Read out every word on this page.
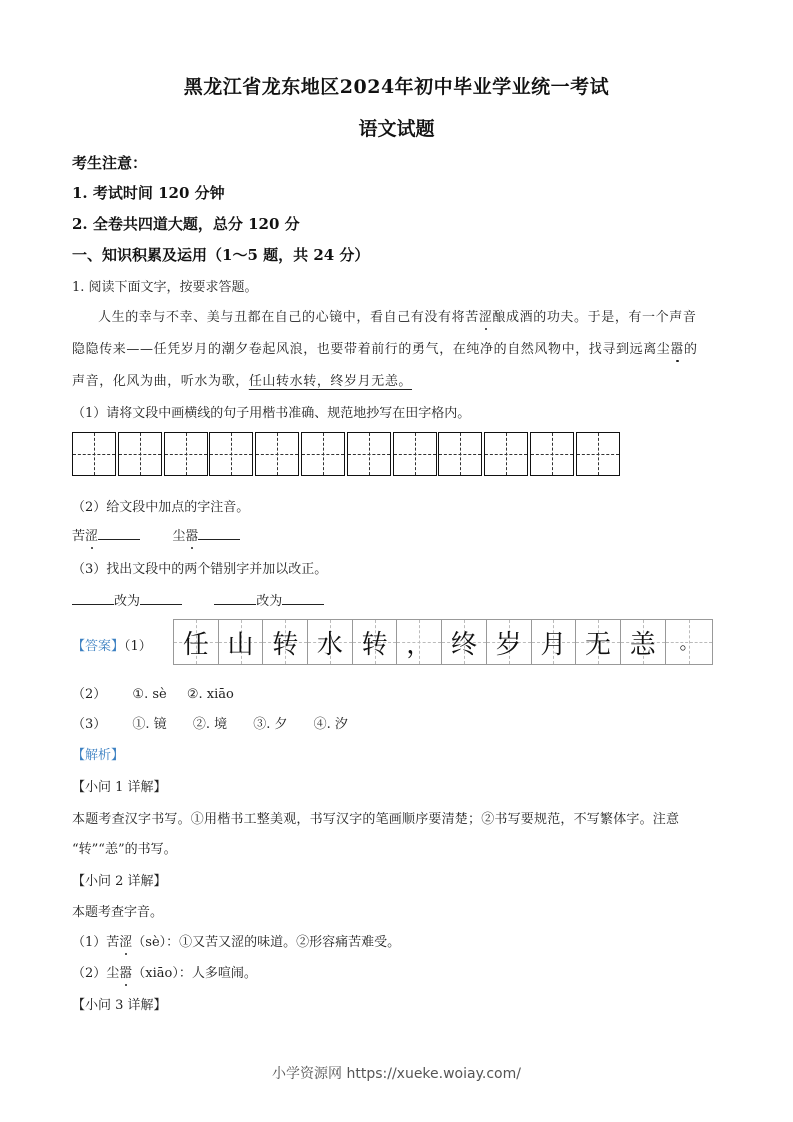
黑龙江省龙东地区2024年初中毕业学业统一考试
语文试题
考生注意：
1. 考试时间 120 分钟
2. 全卷共四道大题，总分 120 分
一、知识积累及运用（1～5 题，共 24 分）
1. 阅读下面文字，按要求答题。
人生的幸与不幸、美与丑都在自己的心镜中，看自己有没有将苦涩酿成酒的功夫。于是，有一个声音
隐隐传来——任凭岁月的潮夕卷起风浪，也要带着前行的勇气，在纯净的自然风物中，找寻到远离尘嚣的
声音，化风为曲，听水为歌，任山转水转，终岁月无恙。
（1）请将文段中画横线的句子用楷书准确、规范地抄写在田字格内。
（2）给文段中加点的字注音。
苦涩	尘嚣
（3）找出文段中的两个错别字并加以改正。
改为	改为
【答案】（1） 任 山 转 水 转 ， 终 岁 月 无 恙 。
（2） ①. sè ②. xiāo
（3） ①. 镜 ②. 境 ③. 夕 ④. 汐
【解析】
【小问 1 详解】
本题考查汉字书写。①用楷书工整美观，书写汉字的笔画顺序要清楚；②书写要规范，不写繁体字。注意
“转”“恙”的书写。
【小问 2 详解】
本题考查字音。
（1）苦涩（sè）：①又苦又涩的味道。②形容痛苦难受。
（2）尘嚣（xiāo）：人多喧闹。
【小问 3 详解】
小学资源网 https://xueke.woiay.com/
